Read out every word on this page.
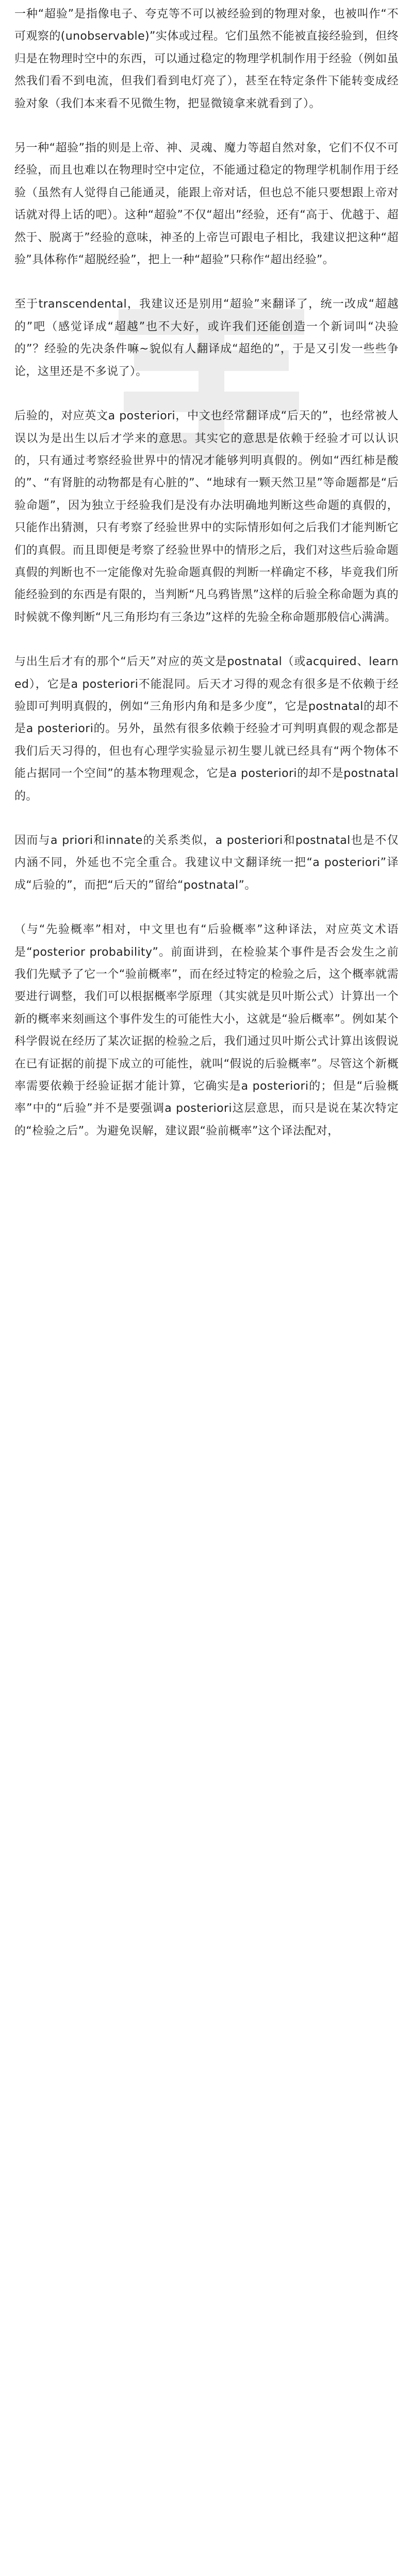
一种“超验”是指像电子、夸克等不可以被经验到的物理对象，也被叫作“不可观察的(unobservable)”实体或过程。它们虽然不能被直接经验到，但终归是在物理时空中的东西，可以通过稳定的物理学机制作用于经验（例如虽然我们看不到电流，但我们看到电灯亮了），甚至在特定条件下能转变成经验对象（我们本来看不见微生物，把显微镜拿来就看到了）。

另一种“超验”指的则是上帝、神、灵魂、魔力等超自然对象，它们不仅不可经验，而且也难以在物理时空中定位，不能通过稳定的物理学机制作用于经验（虽然有人觉得自己能通灵，能跟上帝对话，但也总不能只要想跟上帝对话就对得上话的吧）。这种“超验”不仅“超出”经验，还有“高于、优越于、超然于、脱离于”经验的意味，神圣的上帝岂可跟电子相比，我建议把这种“超验”具体称作“超脱经验”，把上一种“超验”只称作“超出经验”。

至于transcendental，我建议还是别用“超验”来翻译了，统一改成“超越的”吧（感觉译成“超越”也不大好，或许我们还能创造一个新词叫“决验的”？经验的先决条件嘛~貌似有人翻译成“超绝的”，于是又引发一些些争论，这里还是不多说了）。

后验的，对应英文a posteriori，中文也经常翻译成“后天的”，也经常被人误以为是出生以后才学来的意思。其实它的意思是依赖于经验才可以认识的，只有通过考察经验世界中的情况才能够判明真假的。例如“西红柿是酸的”、“有肾脏的动物都是有心脏的”、“地球有一颗天然卫星”等命题都是“后验命题”，因为独立于经验我们是没有办法明确地判断这些命题的真假的，只能作出猜测，只有考察了经验世界中的实际情形如何之后我们才能判断它们的真假。而且即便是考察了经验世界中的情形之后，我们对这些后验命题真假的判断也不一定能像对先验命题真假的判断一样确定不移，毕竟我们所能经验到的东西是有限的，当判断“凡乌鸦皆黑”这样的后验全称命题为真的时候就不像判断“凡三角形均有三条边”这样的先验全称命题那般信心满满。

与出生后才有的那个“后天”对应的英文是postnatal（或acquired、learned），它是a posteriori不能混同。后天才习得的观念有很多是不依赖于经验即可判明真假的，例如“三角形内角和是多少度”，它是postnatal的却不是a posteriori的。另外，虽然有很多依赖于经验才可判明真假的观念都是我们后天习得的，但也有心理学实验显示初生婴儿就已经具有“两个物体不能占据同一个空间”的基本物理观念，它是a posteriori的却不是postnatal的。

因而与a priori和innate的关系类似，a posteriori和postnatal也是不仅内涵不同，外延也不完全重合。我建议中文翻译统一把“a posteriori”译成“后验的”，而把“后天的”留给“postnatal”。

（与“先验概率”相对，中文里也有“后验概率”这种译法，对应英文术语是“posterior probability”。前面讲到，在检验某个事件是否会发生之前我们先赋予了它一个“验前概率”，而在经过特定的检验之后，这个概率就需要进行调整，我们可以根据概率学原理（其实就是贝叶斯公式）计算出一个新的概率来刻画这个事件发生的可能性大小，这就是“验后概率”。例如某个科学假说在经历了某次证据的检验之后，我们通过贝叶斯公式计算出该假说在已有证据的前提下成立的可能性，就叫“假说的后验概率”。尽管这个新概率需要依赖于经验证据才能计算，它确实是a posteriori的；但是“后验概率”中的“后验”并不是要强调a posteriori这层意思，而只是说在某次特定的“检验之后”。为避免误解，建议跟“验前概率”这个译法配对，
